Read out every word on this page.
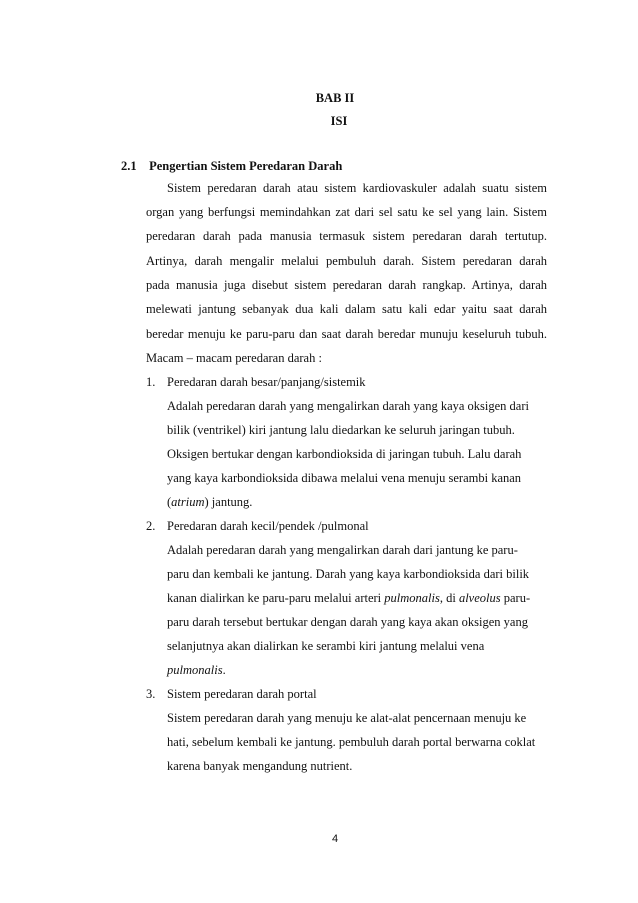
BAB II
ISI
2.1 Pengertian Sistem Peredaran Darah
Sistem peredaran darah atau sistem kardiovaskuler adalah suatu sistem
organ yang berfungsi memindahkan zat dari sel satu ke sel yang lain. Sistem
peredaran darah pada manusia termasuk sistem peredaran darah tertutup.
Artinya, darah mengalir melalui pembuluh darah. Sistem peredaran darah
pada manusia juga disebut sistem peredaran darah rangkap. Artinya, darah
melewati jantung sebanyak dua kali dalam satu kali edar yaitu saat darah
beredar menuju ke paru-paru dan saat darah beredar munuju keseluruh tubuh.
Macam – macam peredaran darah :
1. Peredaran darah besar/panjang/sistemik
Adalah peredaran darah yang mengalirkan darah yang kaya oksigen dari
bilik (ventrikel) kiri jantung lalu diedarkan ke seluruh jaringan tubuh.
Oksigen bertukar dengan karbondioksida di jaringan tubuh. Lalu darah
yang kaya karbondioksida dibawa melalui vena menuju serambi kanan
(atrium) jantung.
2. Peredaran darah kecil/pendek /pulmonal
Adalah peredaran darah yang mengalirkan darah dari jantung ke paru-
paru dan kembali ke jantung. Darah yang kaya karbondioksida dari bilik
kanan dialirkan ke paru-paru melalui arteri pulmonalis, di alveolus paru-
paru darah tersebut bertukar dengan darah yang kaya akan oksigen yang
selanjutnya akan dialirkan ke serambi kiri jantung melalui vena
pulmonalis.
3. Sistem peredaran darah portal
Sistem peredaran darah yang menuju ke alat-alat pencernaan menuju ke
hati, sebelum kembali ke jantung. pembuluh darah portal berwarna coklat
karena banyak mengandung nutrient.
4
